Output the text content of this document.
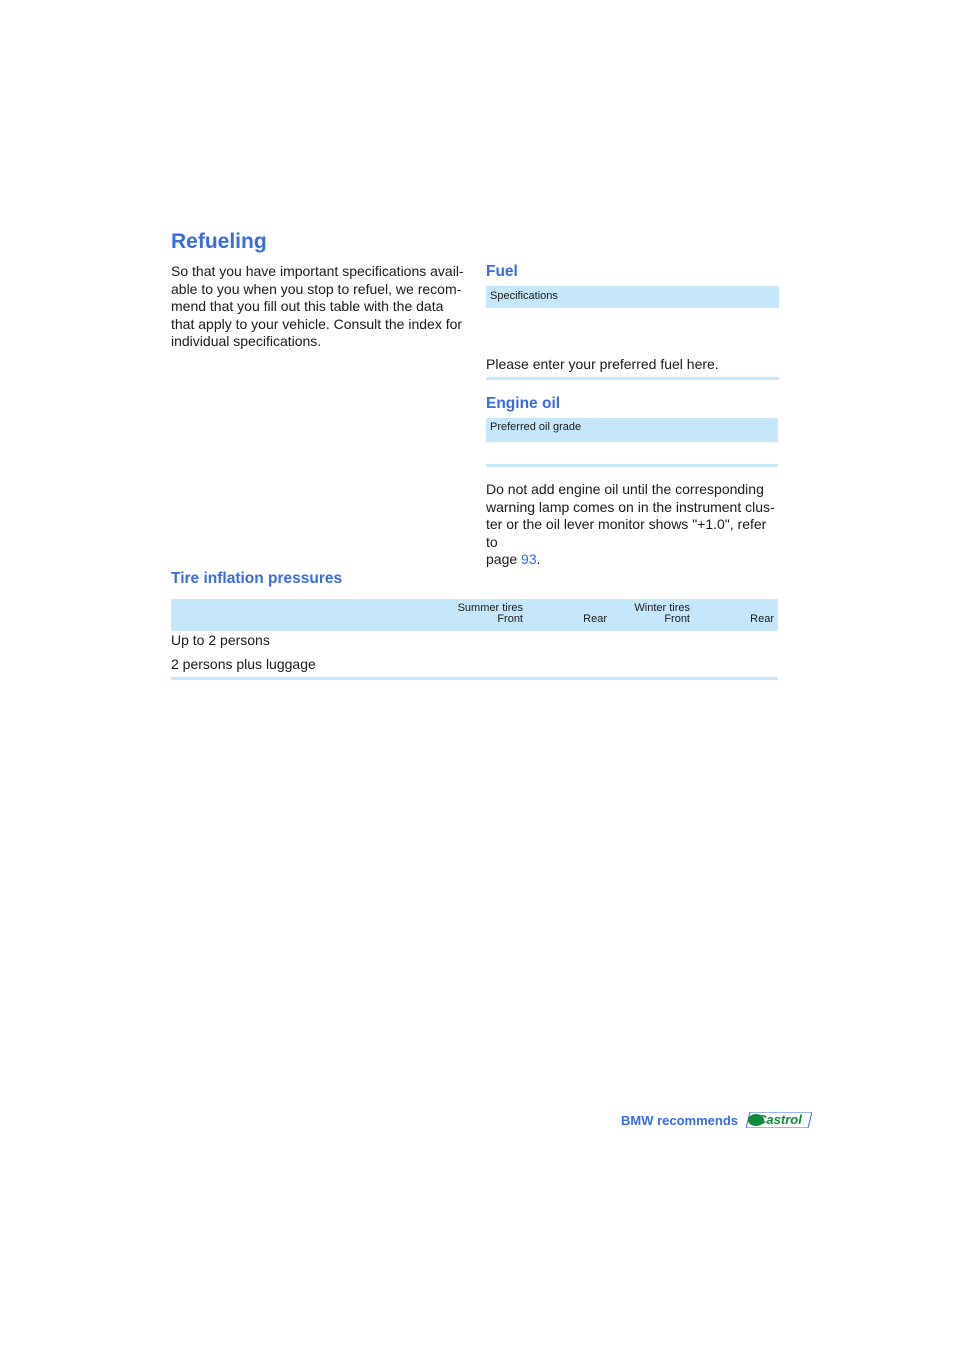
Refueling
So that you have important specifications avail-
able to you when you stop to refuel, we recom-
mend that you fill out this table with the data
that apply to your vehicle. Consult the index for
individual specifications.
Fuel
Specifications
Please enter your preferred fuel here.
Engine oil
Preferred oil grade
Do not add engine oil until the corresponding
warning lamp comes on in the instrument clus-
ter or the oil lever monitor shows "+1.0", refer to
page 93.
Tire inflation pressures
Summer tires	Winter tires
Front	Rear	Front	Rear
Up to 2 persons
2 persons plus luggage
BMW recommends Castrol
